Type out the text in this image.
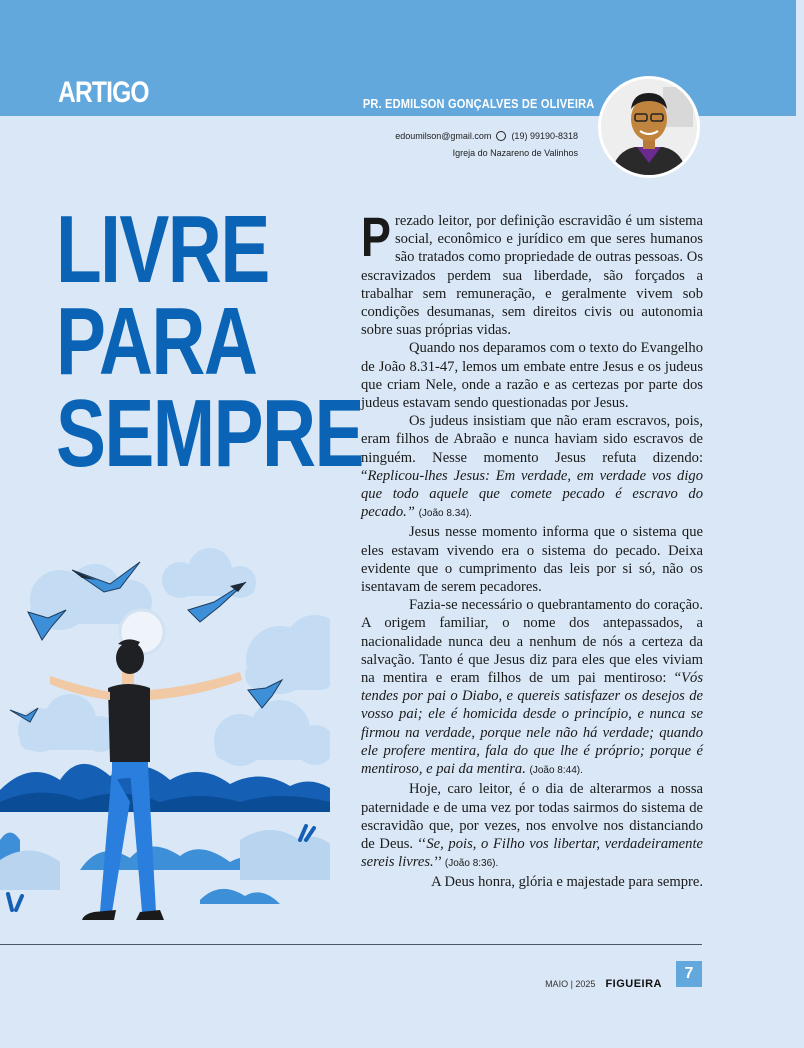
ARTIGO	PR. EDMILSON GONÇALVES DE OLIVEIRA
edoumilson@gmail.com (19) 99190-8318
Igreja do Nazareno de Valinhos
LIVRE
PARA
SEMPRE

Prezado leitor, por definição escravidão é um sistema social, econômico e jurídico em que seres humanos são tratados como propriedade de outras pessoas. Os escravizados perdem sua liberdade, são forçados a trabalhar sem remuneração, e geralmente vivem sob condições desumanas, sem direitos civis ou autonomia sobre suas próprias vidas.

Quando nos deparamos com o texto do Evangelho de João 8.31-47, lemos um embate entre Jesus e os judeus que criam Nele, onde a razão e as certezas por parte dos judeus estavam sendo questionadas por Jesus.

Os judeus insistiam que não eram escravos, pois, eram filhos de Abraão e nunca haviam sido escravos de ninguém. Nesse momento Jesus refuta dizendo: “Replicou-lhes Jesus: Em verdade, em verdade vos digo que todo aquele que comete pecado é escravo do pecado.” (João 8.34).

Jesus nesse momento informa que o sistema que eles estavam vivendo era o sistema do pecado. Deixa evidente que o cumprimento das leis por si só, não os isentavam de serem pecadores.

Fazia-se necessário o quebrantamento do coração. A origem familiar, o nome dos antepassados, a nacionalidade nunca deu a nenhum de nós a certeza da salvação. Tanto é que Jesus diz para eles que eles viviam na mentira e eram filhos de um pai mentiroso: “Vós tendes por pai o Diabo, e quereis satisfazer os desejos de vosso pai; ele é homicida desde o princípio, e nunca se firmou na verdade, porque nele não há verdade; quando ele profere mentira, fala do que lhe é próprio; porque é mentiroso, e pai da mentira. (João 8:44).

Hoje, caro leitor, é o dia de alterarmos a nossa paternidade e de uma vez por todas sairmos do sistema de escravidão que, por vezes, nos envolve nos distanciando de Deus. ‘‘Se, pois, o Filho vos libertar, verdadeiramente sereis livres.’’ (João 8:36).

A Deus honra, glória e majestade para sempre.

MAIO | 2025 FIGUEIRA
7
